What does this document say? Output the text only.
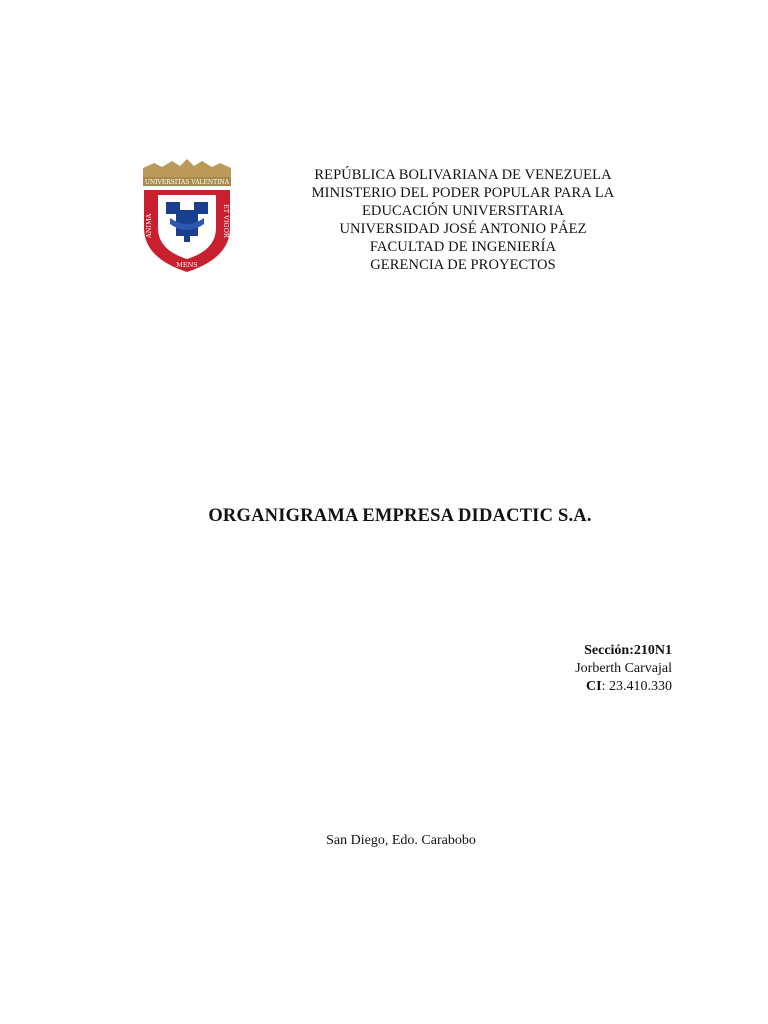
UNIVERSITAS VALENTINA
ANIMA	ET VIGOR
MENS
REPÚBLICA BOLIVARIANA DE VENEZUELA
MINISTERIO DEL PODER POPULAR PARA LA
EDUCACIÓN UNIVERSITARIA
UNIVERSIDAD JOSÉ ANTONIO PÁEZ
FACULTAD DE INGENIERÍA
GERENCIA DE PROYECTOS
ORGANIGRAMA EMPRESA DIDACTIC S.A.
Sección:210N1
Jorberth Carvajal
CI: 23.410.330
San Diego, Edo. Carabobo
